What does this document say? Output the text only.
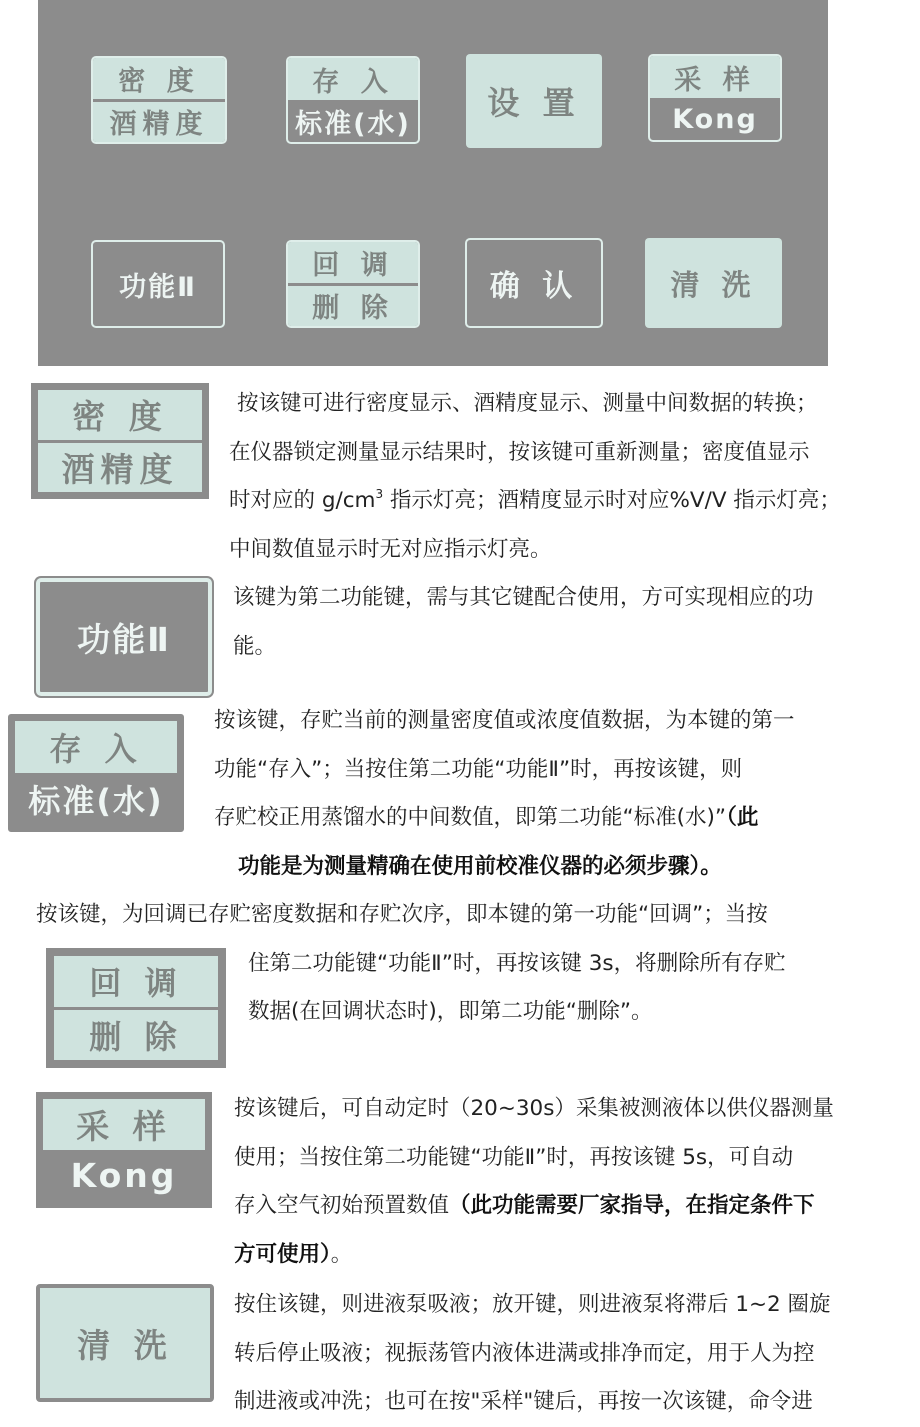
密 度
酒精度
存 入
标准(水)
设 置
采 样
Kong
功能Ⅱ
回 调
删 除
确 认	清 洗
密 度
酒精度
功能Ⅱ
存 入
标准(水)
回 调
删 除
采 样
Kong
清 洗
按该键可进行密度显示、酒精度显示、测量中间数据的转换；
在仪器锁定测量显示结果时，按该键可重新测量；密度值显示
时对应的 $g/cm^3$ 指示灯亮；酒精度显示时对应%V/V 指示灯亮；
中间数值显示时无对应指示灯亮。
该键为第二功能键，需与其它键配合使用，方可实现相应的功
能。
按该键，存贮当前的测量密度值或浓度值数据，为本键的第一
功能“存入”；当按住第二功能“功能Ⅱ”时，再按该键，则
存贮校正用蒸馏水的中间数值，即第二功能“标准(水)”（此
功能是为测量精确在使用前校准仪器的必须步骤）。
按该键，为回调已存贮密度数据和存贮次序，即本键的第一功能“回调”；当按
住第二功能键“功能Ⅱ”时，再按该键 3s，将删除所有存贮
数据(在回调状态时)，即第二功能“删除”。
按该键后，可自动定时（20~30s）采集被测液体以供仪器测量
使用；当按住第二功能键“功能Ⅱ”时，再按该键 5s，可自动
存入空气初始预置数值（此功能需要厂家指导，在指定条件下
方可使用）。
按住该键，则进液泵吸液；放开键，则进液泵将滞后 1~2 圈旋
转后停止吸液；视振荡管内液体进满或排净而定，用于人为控
制进液或冲洗；也可在按"采样"键后，再按一次该键，命令进
